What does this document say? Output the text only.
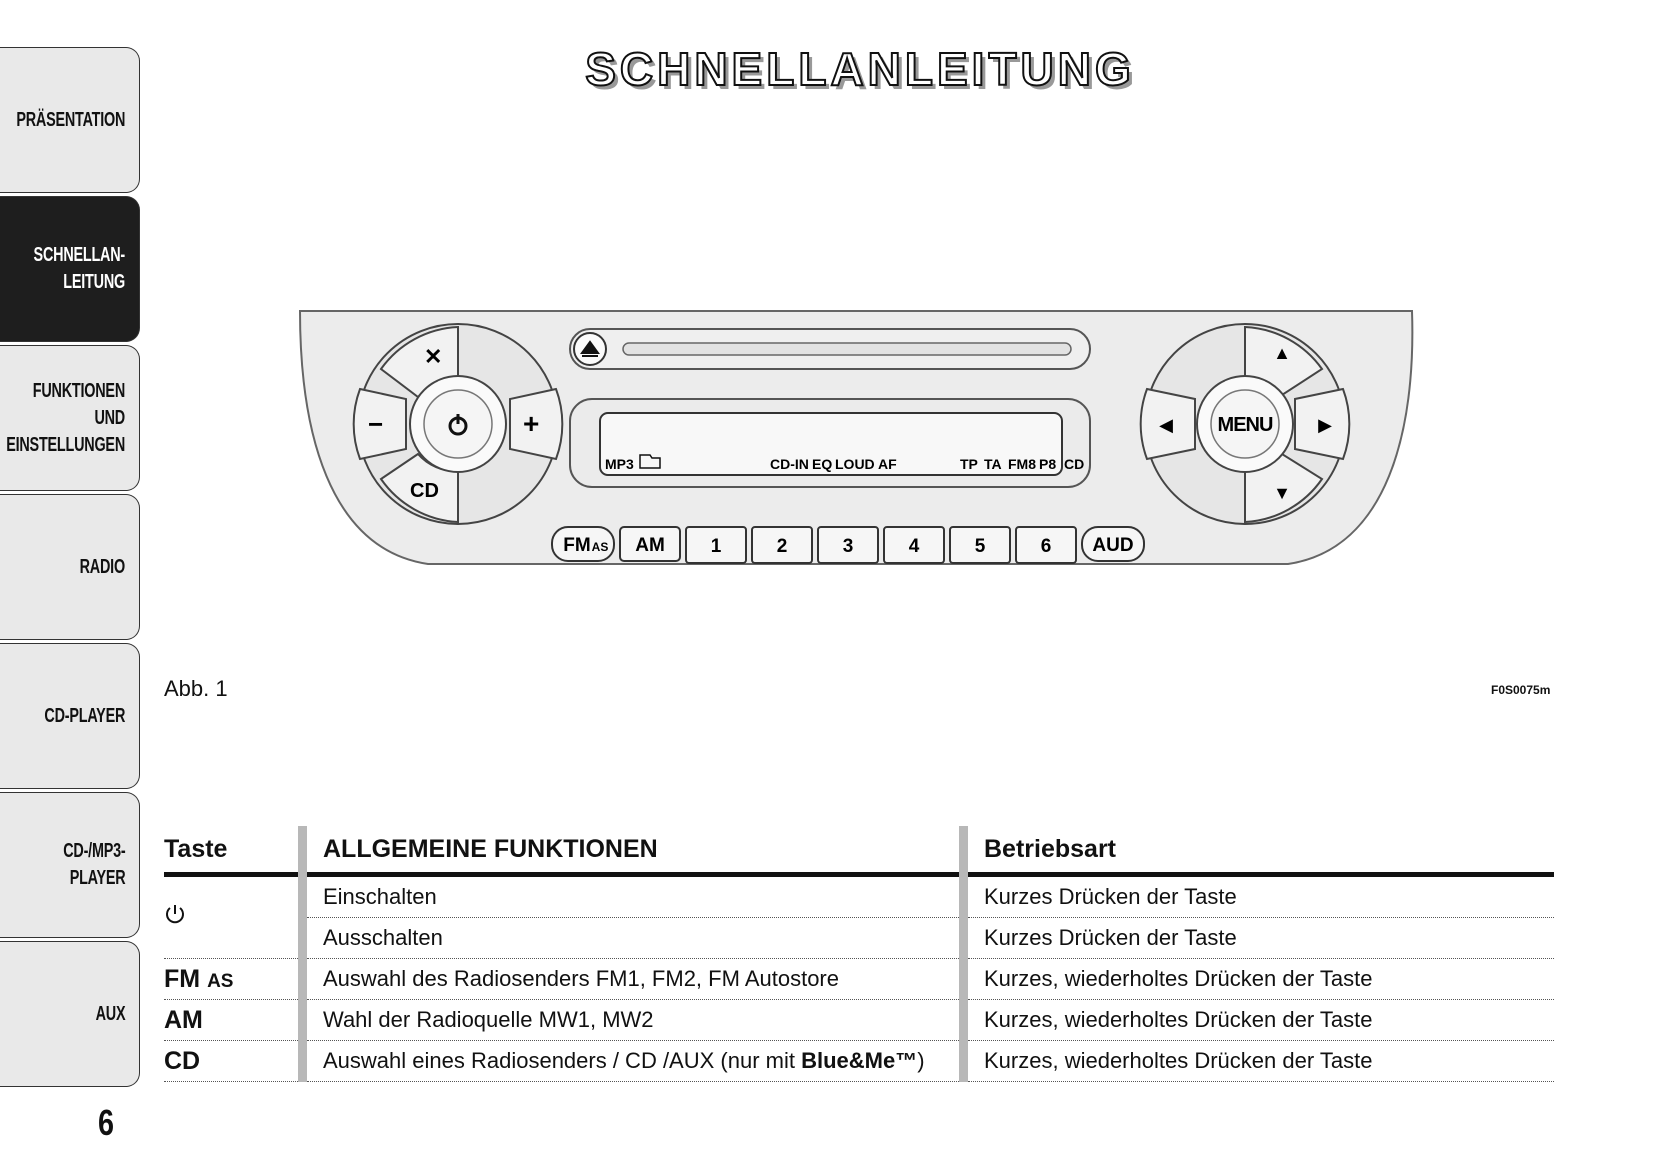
PRÄSENTATION
SCHNELLAN-
LEITUNG
FUNKTIONEN UND
EINSTELLUNGEN
RADIO
CD-PLAYER
CD-/MP3-
PLAYER
AUX
6
SCHNELLANLEITUNG
✕
CD
−	+
MP3	CD-IN EQ LOUD AF	TP TA FM8 P8 CD
FM AS AM 1	2	3	4	5	6 AUD
▲
▼
◀	▶
MENU
Abb. 1	F0S0075m
Taste	ALLGEMEINE FUNKTIONEN	Betriebsart
	Einschalten	Kurzes Drücken der Taste
	Ausschalten	Kurzes Drücken der Taste
FM AS	Auswahl des Radiosenders FM1, FM2, FM Autostore	Kurzes, wiederholtes Drücken der Taste
AM	Wahl der Radioquelle MW1, MW2	Kurzes, wiederholtes Drücken der Taste
CD	Auswahl eines Radiosenders / CD /AUX (nur mit Blue&Me™)	Kurzes, wiederholtes Drücken der Taste
